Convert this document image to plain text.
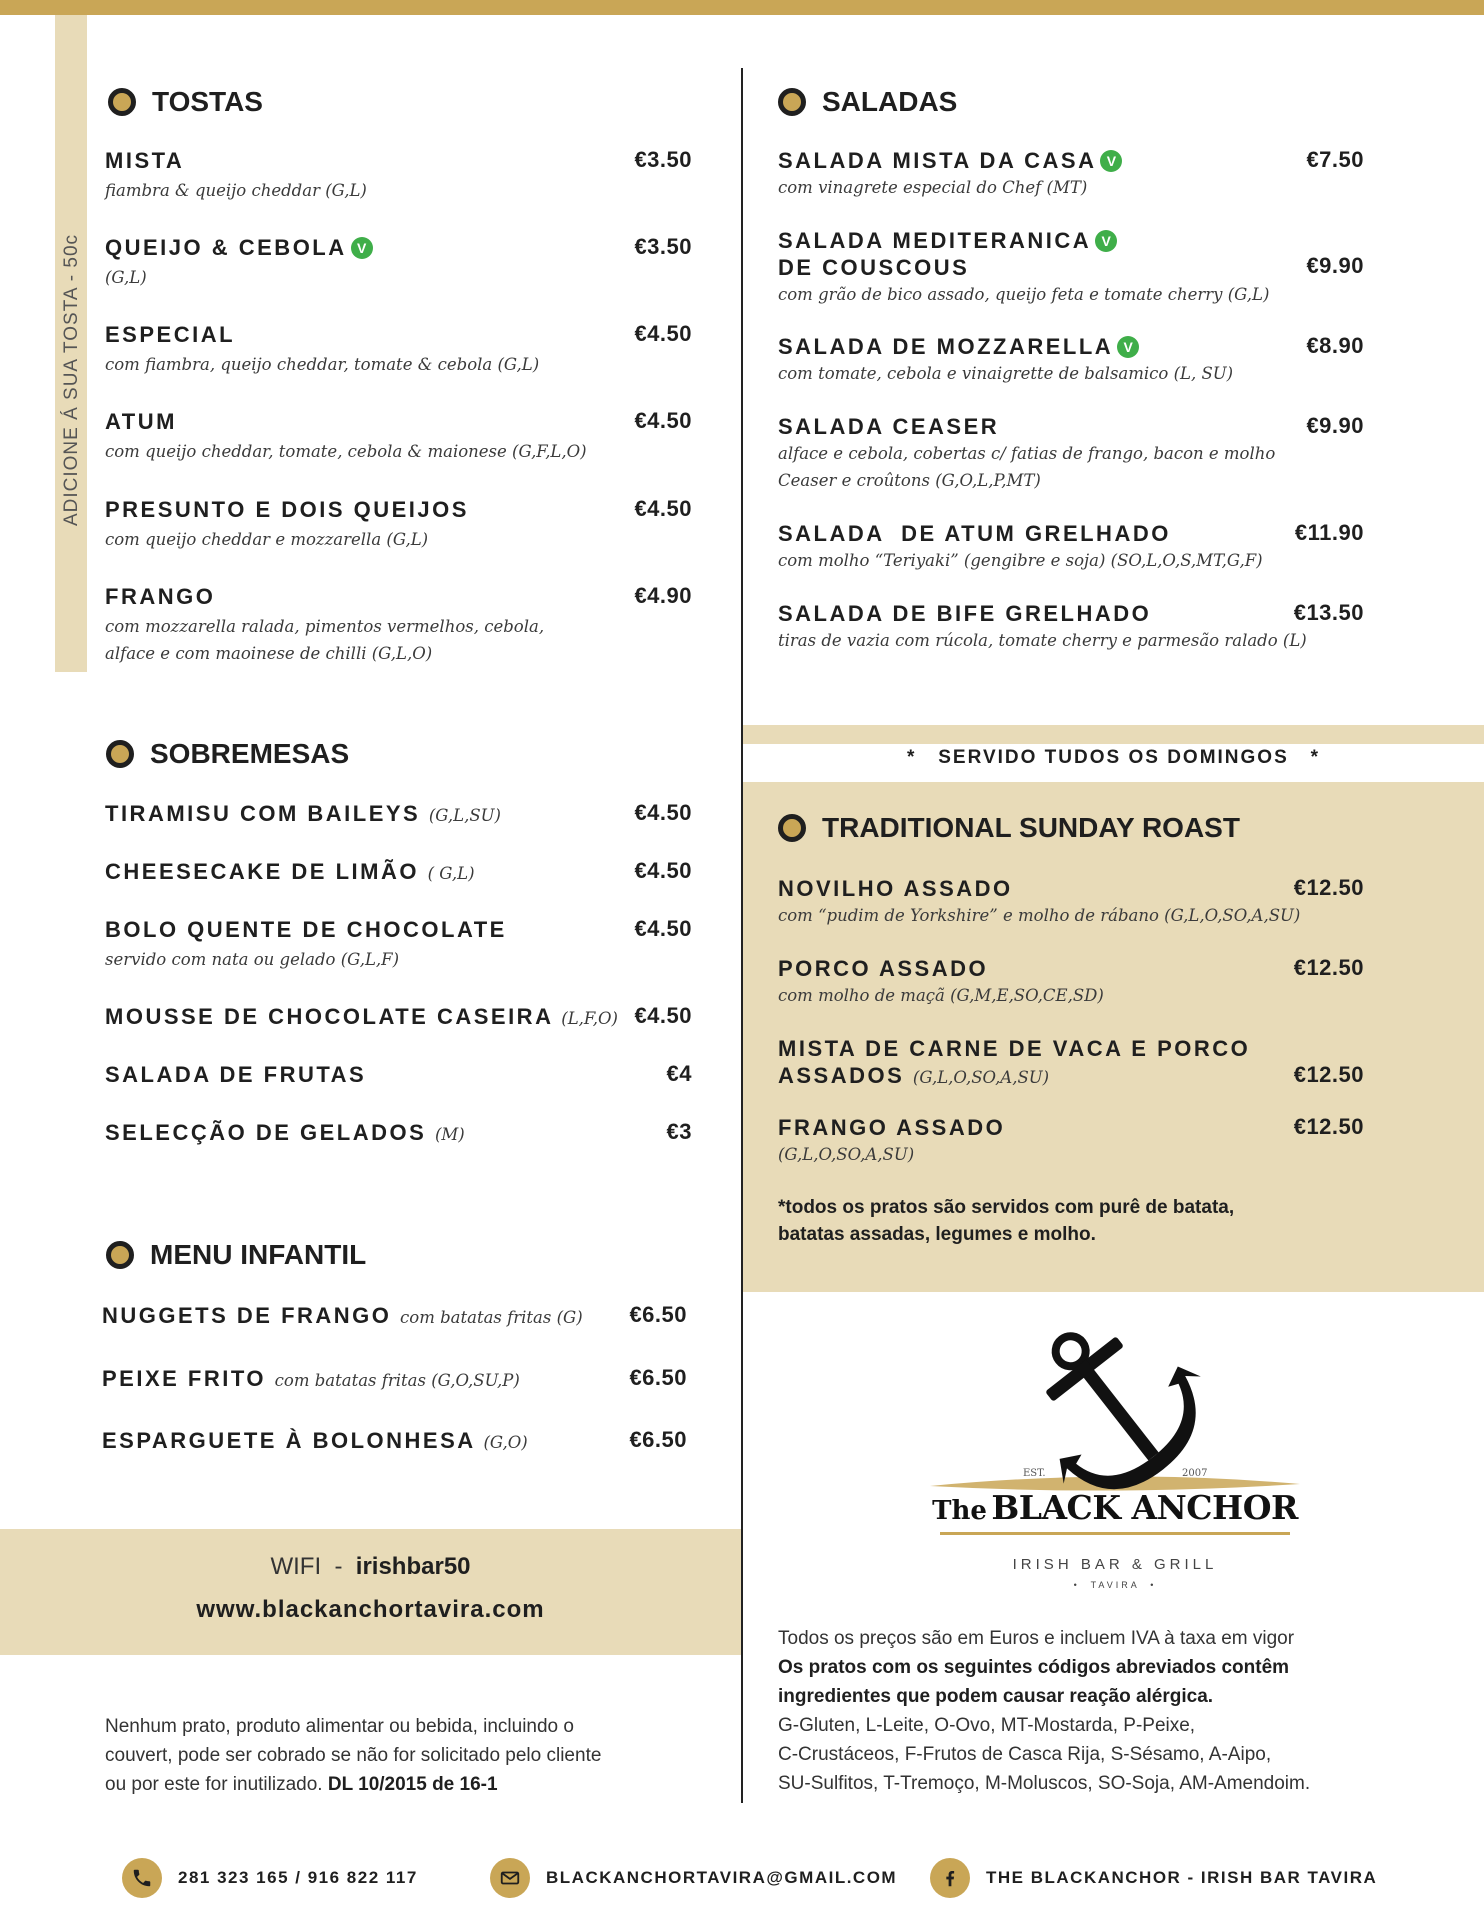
ADICIONE Á SUA TOSTA - 50c
TOSTAS
MISTA
fiambra & queijo cheddar (G,L)
€3.50
QUEIJO & CEBOLA V
(G,L)
€3.50
ESPECIAL
com fiambra, queijo cheddar, tomate & cebola (G,L)
€4.50
ATUM
com queijo cheddar, tomate, cebola & maionese (G,F,L,O)
€4.50
PRESUNTO E DOIS QUEIJOS
com queijo cheddar e mozzarella (G,L)
€4.50
FRANGO
com mozzarella ralada, pimentos vermelhos, cebola,
alface e com maoinese de chilli (G,L,O)
€4.90
SOBREMESAS
TIRAMISU COM BAILEYS (G,L,SU)	€4.50
CHEESECAKE DE LIMÃO ( G,L)	€4.50
BOLO QUENTE DE CHOCOLATE
servido com nata ou gelado (G,L,F)
€4.50
MOUSSE DE CHOCOLATE CASEIRA (L,F,O) €4.50
SALADA DE FRUTAS	€4
SELECÇÃO DE GELADOS (M)	€3
MENU INFANTIL
NUGGETS DE FRANGO com batatas fritas (G) €6.50
PEIXE FRITO com batatas fritas (G,O,SU,P)	€6.50
ESPARGUETE À BOLONHESA (G,O)	€6.50
SALADAS
SALADA MISTA DA CASA V
com vinagrete especial do Chef (MT)
€7.50
SALADA MEDITERANICA V
DE COUSCOUS
com grão de bico assado, queijo feta e tomate cherry (G,L)
€9.90
SALADA DE MOZZARELLA V
com tomate, cebola e vinaigrette de balsamico (L, SU)
€8.90
SALADA CEASER
alface e cebola, cobertas c/ fatias de frango, bacon e molho
Ceaser e croûtons (G,O,L,P,MT)
€9.90
SALADA  DE ATUM GRELHADO
com molho “Teriyaki” (gengibre e soja) (SO,L,O,S,MT,G,F)
€11.90
SALADA DE BIFE GRELHADO
tiras de vazia com rúcola, tomate cherry e parmesão ralado (L)
€13.50
*   SERVIDO TUDOS OS DOMINGOS   *
TRADITIONAL SUNDAY ROAST
NOVILHO ASSADO
com “pudim de Yorkshire” e molho de rábano (G,L,O,SO,A,SU)
€12.50
PORCO ASSADO
com molho de maçã (G,M,E,SO,CE,SD)
€12.50
MISTA DE CARNE DE VACA E PORCO
ASSADOS (G,L,O,SO,A,SU)	€12.50
FRANGO ASSADO
(G,L,O,SO,A,SU)
€12.50
*todos os pratos são servidos com purê de batata,
batatas assadas, legumes e molho.
EST.	2007
The BLACK ANCHOR
IRISH BAR & GRILL
•  TAVIRA  •
WIFI  -  irishbar50
www.blackanchortavira.com
Nenhum prato, produto alimentar ou bebida, incluindo o
couvert, pode ser cobrado se não for solicitado pelo cliente
ou por este for inutilizado. DL 10/2015 de 16-1
Todos os preços são em Euros e incluem IVA à taxa em vigor
Os pratos com os seguintes códigos abreviados contêm
ingredientes que podem causar reação alérgica.
G-Gluten, L-Leite, O-Ovo, MT-Mostarda, P-Peixe,
C-Crustáceos, F-Frutos de Casca Rija, S-Sésamo, A-Aipo,
SU-Sulfitos, T-Tremoço, M-Moluscos, SO-Soja, AM-Amendoim.
281 323 165 / 916 822 117	BLACKANCHORTAVIRA@GMAIL.COM	THE BLACKANCHOR - IRISH BAR TAVIRA
